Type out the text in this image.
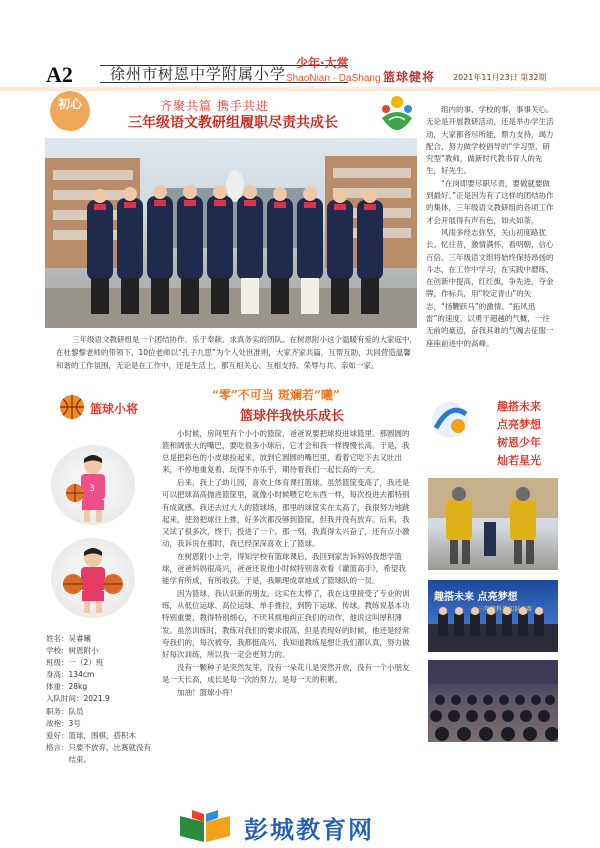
A2 徐州市树恩中学附属小学
少年·大赏
ShaoNian · DaShang 篮球健将 2021年11月23日 第32期
初心	齐聚共篇 携手共进
三年级语文教研组履职尽责共成长
三年级语文教研组是一个团结协作、乐于奉献、求真务实的团队。在树恩附小这个温暖有爱的大家庭中，在杜黎黎老师的带领下，10位老师以“孔子九思”为个人处世准则，大家齐家共篇，互帮互助，共同营造温馨和谐的工作氛围，无论是在工作中，还是生活上，都互相关心、互相支持、荣辱与共、亲如一家。

组内的事、学校的事，事事关心。无论是开展教研活动，还是举办学生活动，大家都各尽所能，鼎力支持，竭力配合，努力做学校倡导的“学习型、研究型”教师，做新时代教书育人的先生，好先生。

“在岗即要尽职尽责，要做就要做到最好。”正是因为有了这样的团结协作的集体，三年级语文教研组的各项工作才会开展得有声有色，如火如荼。

风雨多经志弥坚，关山初度路犹长。忆往昔，激情满怀，看明朝，信心百倍。三年级语文组将始终保持昂扬的斗志，在工作中学习，在实践中磨练，在创新中提高，红红旗，争先进，夺金牌，作标兵，用“咬定青山”的矢志，“扬鞭跃马”的激情、“拓风迅雷”的速度，以勇于超越的气概，一往无前的豪迈，奋我其谁的气魄去征服一座座前进中的高峰。

篮球小将
“零”不可当 斑斓若“曦”
篮球伴我快乐成长
3
姓名： 吴睿曦
学校： 树恩附小
班级： 一（2）班
身高： 134cm
体重： 28kg
入队时间： 2021.9
职务： 队员
战袍： 3号
爱好： 篮球，围棋，搭积木
格言： 只要不放弃，比赛就没有结束。

小时候，房间里有个小小的篮筐，爸爸说要把球投进球篮里。那圆圆的篮和阔张大的嘴巴，要吃很多小球后，它才会和我一样慢慢长高。于是，我总是把彩色的小皮球捡起来，放到它圆圆的嘴巴里，看着它吃下去又吐出来，不停地重复着，玩得不亦乐乎，期待着我们一起长高的一天。

后来，我上了幼儿园，喜欢上体育课打篮球。虽然篮筐变高了，我还是可以把球高高抛进篮筐里，就像小时候喂它吃东西一样，每次投进去都特别有成就感。我还去过大人的篮球场，那里的球筐实在太高了，我很努力地跳起来，使劲把球往上推，好多次都没够到篮筐，但我并没有放弃。后来，我又试了很多次，终于，投进了一个。那一刻，我真得太兴奋了，还有点小激动，我诉说在那时，我已经深深喜欢上了篮球。

在树恩附小上学，得知学校有篮球课后，我回到家告诉妈妈我想学篮球，爸爸妈妈很高兴，爸爸还说他小时候特别喜欢看《灌篮高手》，希望我能学有所成，有所收获。于是，我顺理成章地成了篮球队的一员。

因为篮球，我认识新的朋友，这实在太棒了，我在这里接受了专业的训练，从低位运球、高位运球、单手推拉，到胯下运球、传球。教练说基本功特别重要，教得特别细心，不厌其烦地纠正我们的动作，他说这叫厚积薄发。虽然训练时，教练对我们的要求很高，但是表现好的时候，他还是经常夸我们的，每次被夸，我都挺高兴，我知道教练是想让我们都认真，努力做好每次训练，所以我一定会更努力的。

没有一颗种子是突然发芽，没有一朵花儿是突然开放，没有一个小朋友是一天长高，成长是每一次的努力，是每一天的积累。

加油！篮球小将！

趣搭未来
点亮梦想
树恩少年
灿若星光
趣搭未来 点亮梦想
三年级科普知识竞赛
彭城教育网
